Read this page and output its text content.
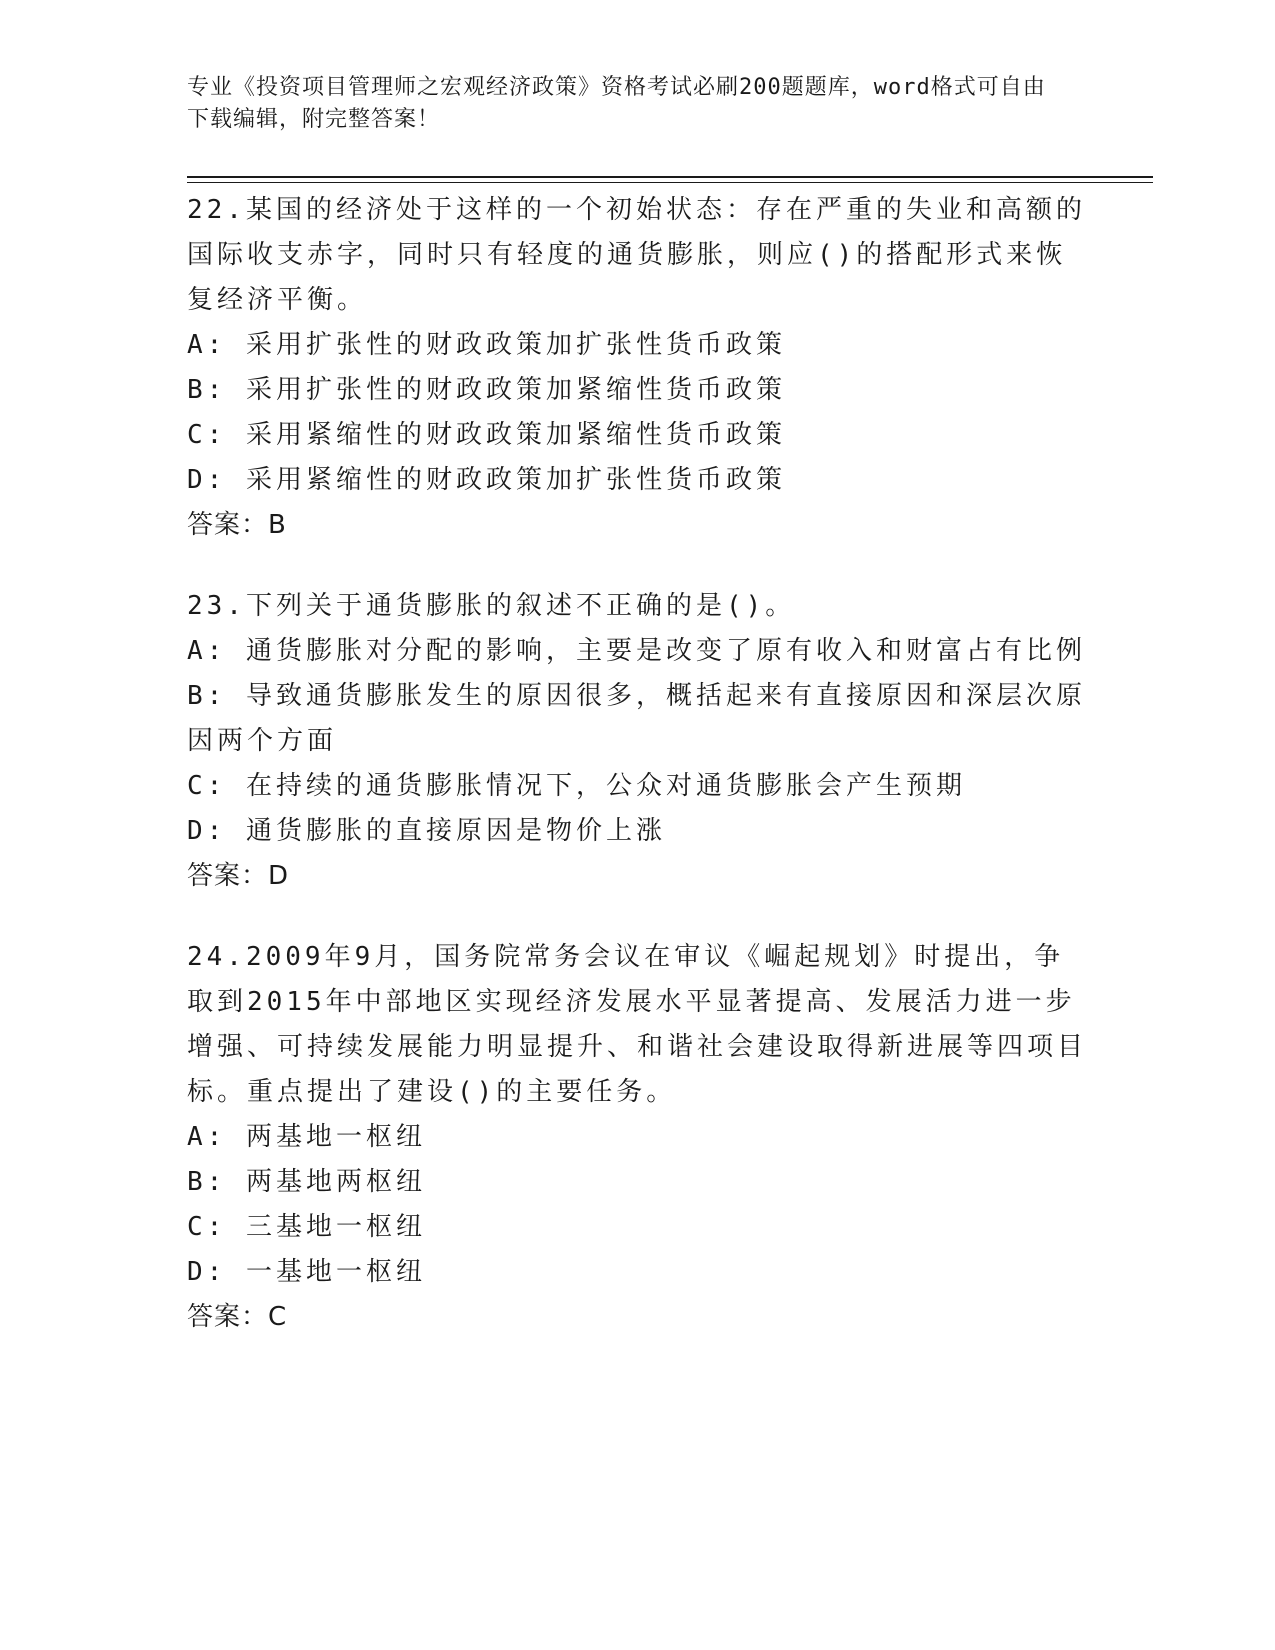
专业《投资项目管理师之宏观经济政策》资格考试必刷200题题库，word格式可自由下载编辑，附完整答案！

22.某国的经济处于这样的一个初始状态：存在严重的失业和高额的国际收支赤字，同时只有轻度的通货膨胀，则应()的搭配形式来恢复经济平衡。

A: 采用扩张性的财政政策加扩张性货币政策

B: 采用扩张性的财政政策加紧缩性货币政策

C: 采用紧缩性的财政政策加紧缩性货币政策

D: 采用紧缩性的财政政策加扩张性货币政策

答案：B

23.下列关于通货膨胀的叙述不正确的是()。

A: 通货膨胀对分配的影响，主要是改变了原有收入和财富占有比例

B: 导致通货膨胀发生的原因很多，概括起来有直接原因和深层次原因两个方面

C: 在持续的通货膨胀情况下，公众对通货膨胀会产生预期

D: 通货膨胀的直接原因是物价上涨

答案：D

24.2009年9月，国务院常务会议在审议《崛起规划》时提出，争取到2015年中部地区实现经济发展水平显著提高、发展活力进一步增强、可持续发展能力明显提升、和谐社会建设取得新进展等四项目标。重点提出了建设()的主要任务。

A: 两基地一枢纽

B: 两基地两枢纽

C: 三基地一枢纽

D: 一基地一枢纽

答案：C
